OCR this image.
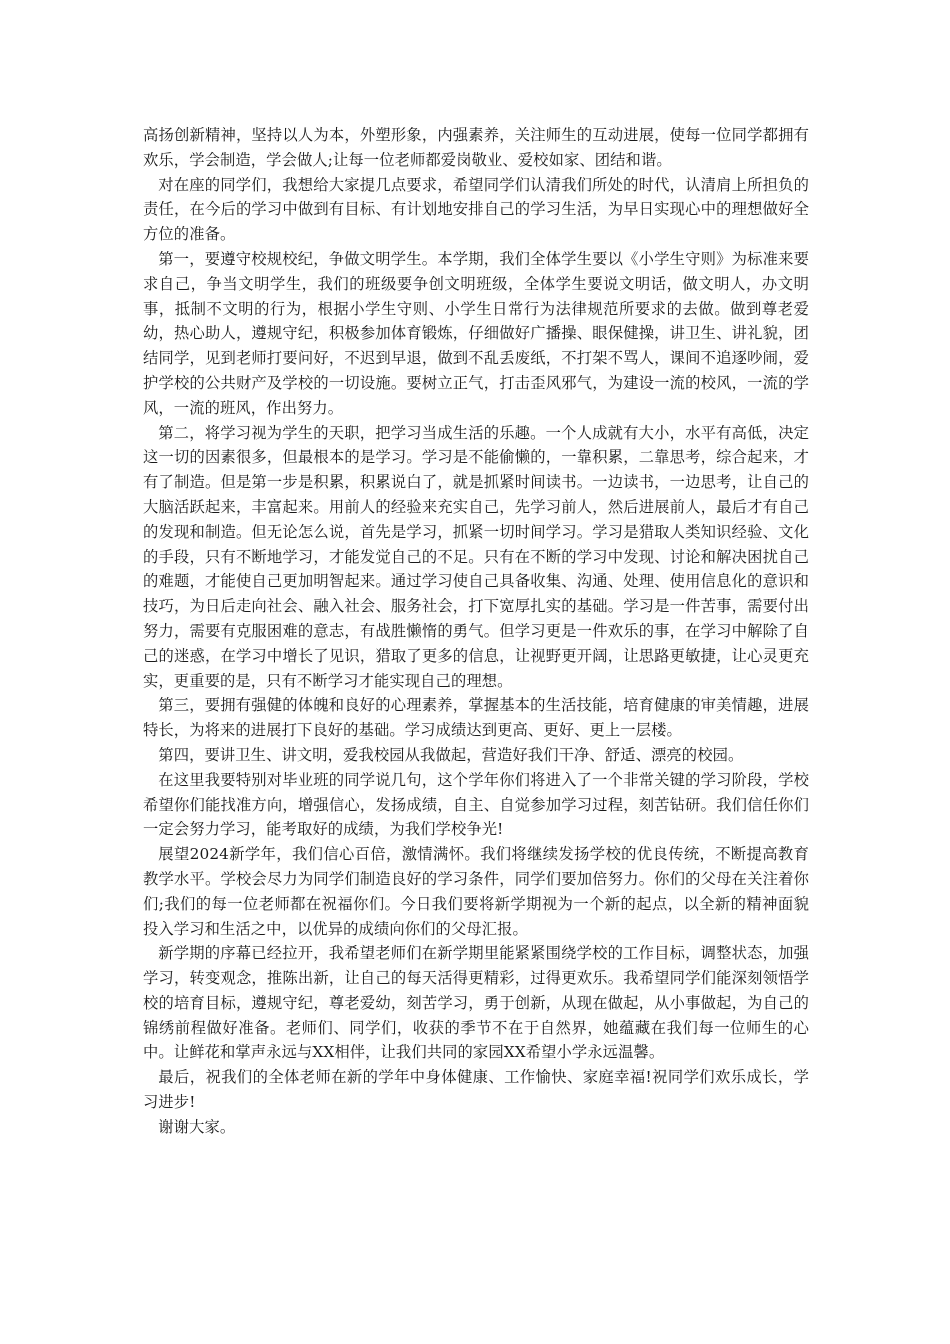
高扬创新精神，坚持以人为本，外塑形象，内强素养，关注师生的互动进展，使每一位同学都拥有欢乐，学会制造，学会做人;让每一位老师都爱岗敬业、爱校如家、团结和谐。

对在座的同学们，我想给大家提几点要求，希望同学们认清我们所处的时代，认清肩上所担负的责任，在今后的学习中做到有目标、有计划地安排自己的学习生活，为早日实现心中的理想做好全方位的准备。

第一，要遵守校规校纪，争做文明学生。本学期，我们全体学生要以《小学生守则》为标准来要求自己，争当文明学生，我们的班级要争创文明班级，全体学生要说文明话，做文明人，办文明事，抵制不文明的行为，根据小学生守则、小学生日常行为法律规范所要求的去做。做到尊老爱幼，热心助人，遵规守纪，积极参加体育锻炼，仔细做好广播操、眼保健操，讲卫生、讲礼貌，团结同学，见到老师打要问好，不迟到早退，做到不乱丢废纸，不打架不骂人，课间不追逐吵闹，爱护学校的公共财产及学校的一切设施。要树立正气，打击歪风邪气，为建设一流的校风，一流的学风，一流的班风，作出努力。

第二，将学习视为学生的天职，把学习当成生活的乐趣。一个人成就有大小，水平有高低，决定这一切的因素很多，但最根本的是学习。学习是不能偷懒的，一靠积累，二靠思考，综合起来，才有了制造。但是第一步是积累，积累说白了，就是抓紧时间读书。一边读书，一边思考，让自己的大脑活跃起来，丰富起来。用前人的经验来充实自己，先学习前人，然后进展前人，最后才有自己的发现和制造。但无论怎么说，首先是学习，抓紧一切时间学习。学习是猎取人类知识经验、文化的手段，只有不断地学习，才能发觉自己的不足。只有在不断的学习中发现、讨论和解决困扰自己的难题，才能使自己更加明智起来。通过学习使自己具备收集、沟通、处理、使用信息化的意识和技巧，为日后走向社会、融入社会、服务社会，打下宽厚扎实的基础。学习是一件苦事，需要付出努力，需要有克服困难的意志，有战胜懒惰的勇气。但学习更是一件欢乐的事，在学习中解除了自己的迷惑，在学习中增长了见识，猎取了更多的信息，让视野更开阔，让思路更敏捷，让心灵更充实，更重要的是，只有不断学习才能实现自己的理想。

第三，要拥有强健的体魄和良好的心理素养，掌握基本的生活技能，培育健康的审美情趣，进展特长，为将来的进展打下良好的基础。学习成绩达到更高、更好、更上一层楼。

第四，要讲卫生、讲文明，爱我校园从我做起，营造好我们干净、舒适、漂亮的校园。

在这里我要特别对毕业班的同学说几句，这个学年你们将进入了一个非常关键的学习阶段，学校希望你们能找准方向，增强信心，发扬成绩，自主、自觉参加学习过程，刻苦钻研。我们信任你们一定会努力学习，能考取好的成绩，为我们学校争光!

展望2024新学年，我们信心百倍，激情满怀。我们将继续发扬学校的优良传统，不断提高教育教学水平。学校会尽力为同学们制造良好的学习条件，同学们要加倍努力。你们的父母在关注着你们;我们的每一位老师都在祝福你们。今日我们要将新学期视为一个新的起点，以全新的精神面貌投入学习和生活之中，以优异的成绩向你们的父母汇报。

新学期的序幕已经拉开，我希望老师们在新学期里能紧紧围绕学校的工作目标，调整状态，加强学习，转变观念，推陈出新，让自己的每天活得更精彩，过得更欢乐。我希望同学们能深刻领悟学校的培育目标，遵规守纪，尊老爱幼，刻苦学习，勇于创新，从现在做起，从小事做起，为自己的锦绣前程做好准备。老师们、同学们，收获的季节不在于自然界，她蕴藏在我们每一位师生的心中。让鲜花和掌声永远与XX相伴，让我们共同的家园XX希望小学永远温馨。

最后，祝我们的全体老师在新的学年中身体健康、工作愉快、家庭幸福!祝同学们欢乐成长，学习进步!

谢谢大家。
